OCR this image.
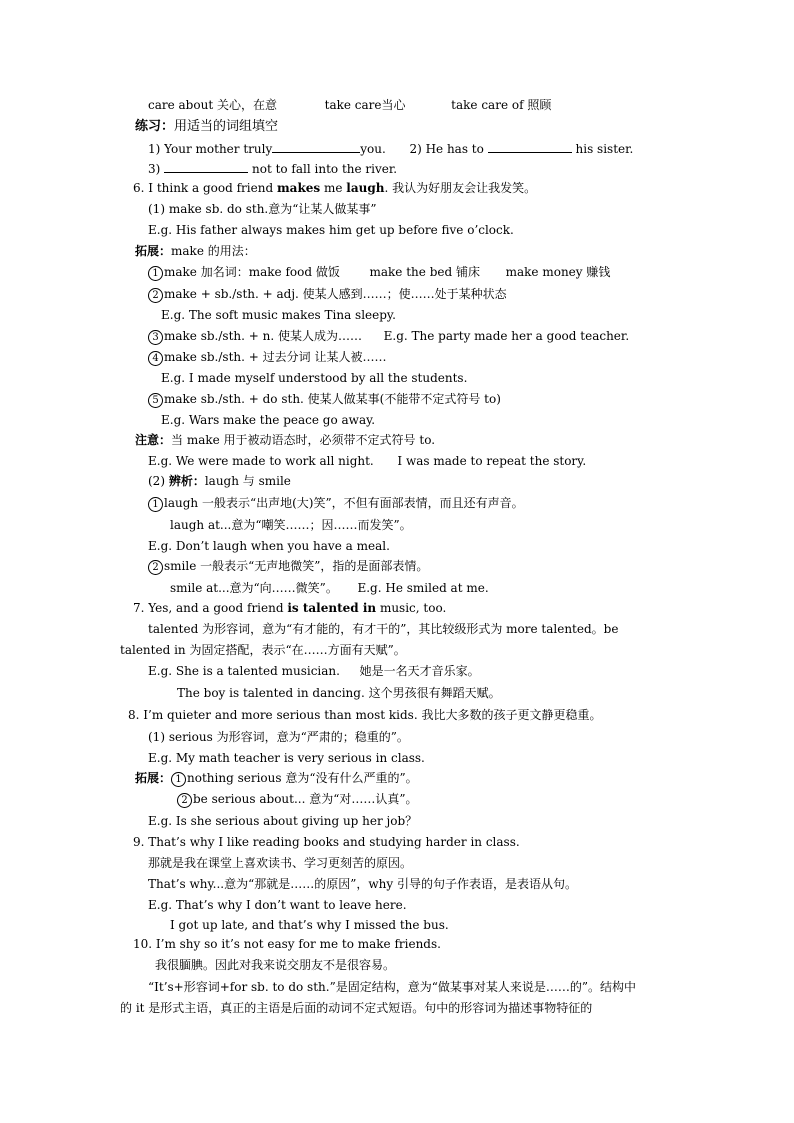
care about 关心，在意	take care当心	take care of 照顾
练习：用适当的词组填空
1) Your mother truly	you. 2) He has to	his sister.
3)	not to fall into the river.
6. I think a good friend makes me laugh. 我认为好朋友会让我发笑。
(1) make sb. do sth.意为“让某人做某事”
E.g. His father always makes him get up before five o’clock.
拓展：make 的用法：
1 make 加名词：make food 做饭 make the bed 铺床 make money 赚钱
2 make + sb./sth. + adj. 使某人感到……；使……处于某种状态
E.g. The soft music makes Tina sleepy.
3 make sb./sth. + n. 使某人成为…… E.g. The party made her a good teacher.
4 make sb./sth. + 过去分词 让某人被……
E.g. I made myself understood by all the students.
5 make sb./sth. + do sth. 使某人做某事(不能带不定式符号 to)
E.g. Wars make the peace go away.
注意：当 make 用于被动语态时，必须带不定式符号 to.
E.g. We were made to work all night. I was made to repeat the story.
(2) 辨析：laugh 与 smile
1 laugh 一般表示“出声地(大)笑”，不但有面部表情，而且还有声音。
laugh at...意为“嘲笑……；因……而发笑”。
E.g. Don’t laugh when you have a meal.
2 smile 一般表示“无声地微笑”，指的是面部表情。
smile at...意为“向……微笑”。 E.g. He smiled at me.
7. Yes, and a good friend is talented in music, too.
talented 为形容词，意为“有才能的，有才干的”，其比较级形式为 more talented。be
talented in 为固定搭配，表示“在……方面有天赋”。
E.g. She is a talented musician. 她是一名天才音乐家。
The boy is talented in dancing. 这个男孩很有舞蹈天赋。
8. I’m quieter and more serious than most kids. 我比大多数的孩子更文静更稳重。
(1) serious 为形容词，意为“严肃的；稳重的”。
E.g. My math teacher is very serious in class.
拓展： 1 nothing serious 意为“没有什么严重的”。
2 be serious about... 意为“对……认真”。
E.g. Is she serious about giving up her job？
9. That’s why I like reading books and studying harder in class.
那就是我在课堂上喜欢读书、学习更刻苦的原因。
That’s why...意为“那就是……的原因”，why 引导的句子作表语，是表语从句。
E.g. That’s why I don’t want to leave here.
I got up late, and that’s why I missed the bus.
10. I’m shy so it’s not easy for me to make friends.
我很腼腆。因此对我来说交朋友不是很容易。
“It’s+形容词+for sb. to do sth.”是固定结构，意为“做某事对某人来说是……的”。结构中
的 it 是形式主语，真正的主语是后面的动词不定式短语。句中的形容词为描述事物特征的
